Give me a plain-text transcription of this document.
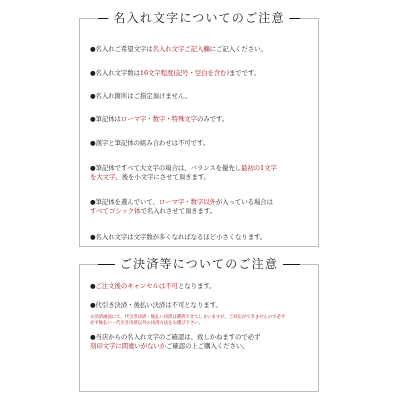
名入れ文字についてのご注意
●名入れご希望文字は名入れ文字ご記入欄にご記入ください。
●名入れ文字数は16文字程度(記号・空白を含む)までです。
●名入れ箇所はご指定頂けません。
●筆記体はローマ字・数字・特殊文字のみです。
●漢字と筆記体の組み合わせは不可です。
●筆記体ですべて大文字の場合は、バランスを優先し最初の1文字
を大文字、後を小文字にさせて頂きます。
●筆記体を選んでいて、ローマ字・数字以外が入っている場合は
すべてゴシック体で名入れさせて頂きます。
●名入れ文字は文字数が多くなればなるほど小さくなります。
ご決済等についてのご注意
●ご注文後のキャンセルは不可となります。
●代引き決済・後払い決済は不可となります。
※決済画面にて、代引き決済・後払い決済は選択できてしまいますが、ご対応ができませんので必ず
必ず後払い・代引き決済以外の決済方法をお選び下さい。
●当店からの名入れ文字のご確認は、致しかねますので必ず
刻印文字に間違いがないかご確認の上ご購入ください。
